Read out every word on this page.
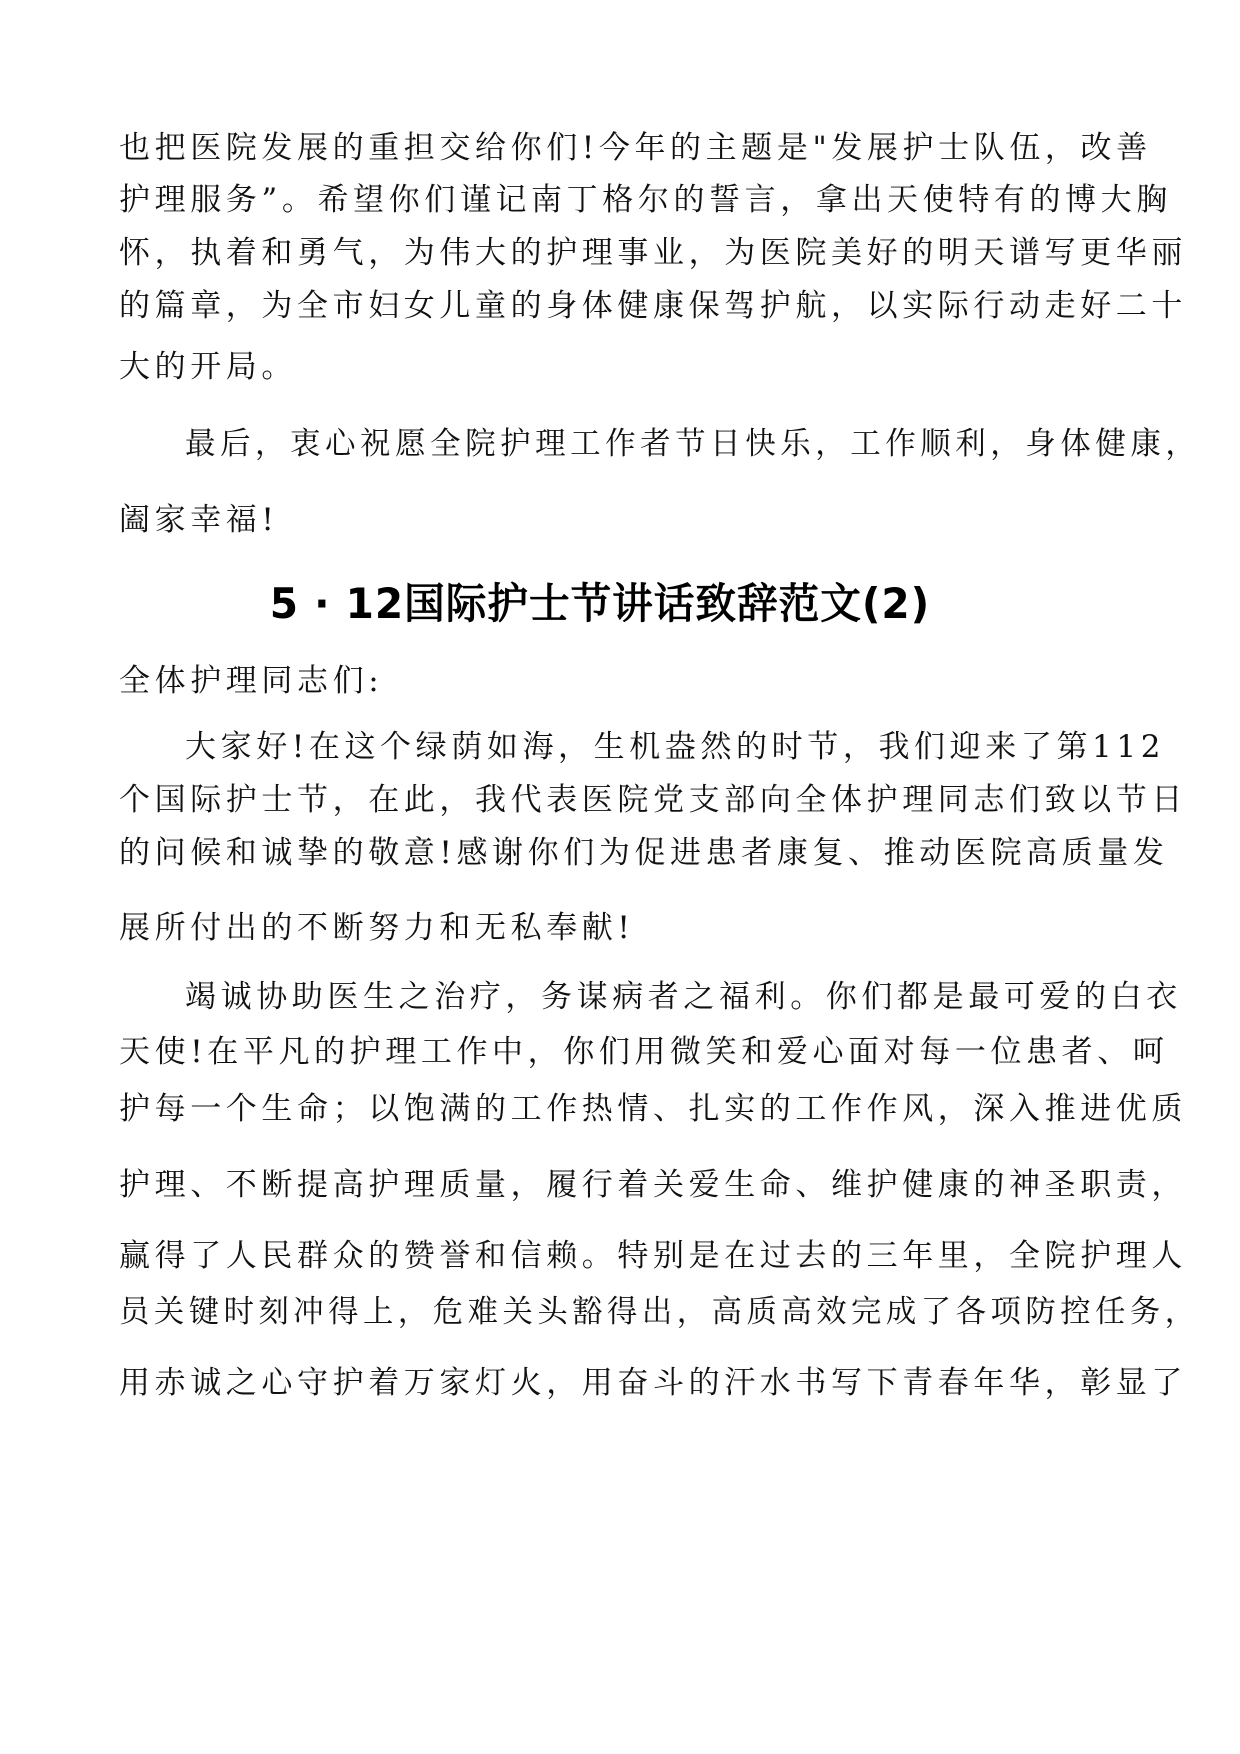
也把医院发展的重担交给你们!今年的主题是"发展护士队伍，改善
护理服务”。希望你们谨记南丁格尔的誓言，拿出天使特有的博大胸
怀，执着和勇气，为伟大的护理事业，为医院美好的明天谱写更华丽
的篇章，为全市妇女儿童的身体健康保驾护航，以实际行动走好二十
大的开局。
最后，衷心祝愿全院护理工作者节日快乐，工作顺利，身体健康，
阖家幸福!
5 · 12国际护士节讲话致辞范文(2)
全体护理同志们:
大家好!在这个绿荫如海，生机盎然的时节，我们迎来了第112
个国际护士节，在此，我代表医院党支部向全体护理同志们致以节日
的问候和诚挚的敬意!感谢你们为促进患者康复、推动医院高质量发
展所付出的不断努力和无私奉献!
竭诚协助医生之治疗，务谋病者之福利。你们都是最可爱的白衣
天使!在平凡的护理工作中，你们用微笑和爱心面对每一位患者、呵
护每一个生命；以饱满的工作热情、扎实的工作作风，深入推进优质
护理、不断提高护理质量，履行着关爱生命、维护健康的神圣职责，
赢得了人民群众的赞誉和信赖。特别是在过去的三年里，全院护理人
员关键时刻冲得上，危难关头豁得出，高质高效完成了各项防控任务，
用赤诚之心守护着万家灯火，用奋斗的汗水书写下青春年华，彰显了
